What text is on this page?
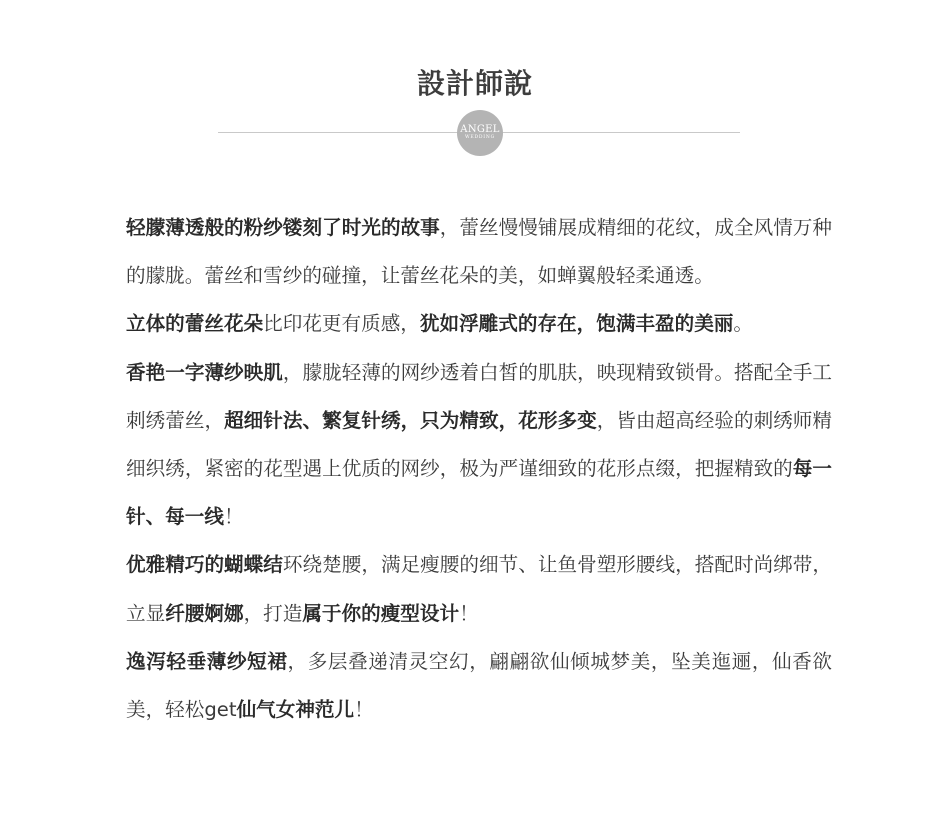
設計師說
ANGEL
WEDDING

轻朦薄透般的粉纱镂刻了时光的故事，蕾丝慢慢铺展成精细的花纹，成全风情万种的朦胧。蕾丝和雪纱的碰撞，让蕾丝花朵的美，如蝉翼般轻柔通透。

立体的蕾丝花朵比印花更有质感，犹如浮雕式的存在，饱满丰盈的美丽。

香艳一字薄纱映肌，朦胧轻薄的网纱透着白皙的肌肤，映现精致锁骨。搭配全手工刺绣蕾丝，超细针法、繁复针绣，只为精致，花形多变，皆由超高经验的刺绣师精细织绣，紧密的花型遇上优质的网纱，极为严谨细致的花形点缀，把握精致的每一针、每一线！

优雅精巧的蝴蝶结环绕楚腰，满足瘦腰的细节、让鱼骨塑形腰线，搭配时尚绑带，立显纤腰婀娜，打造属于你的瘦型设计！

逸泻轻垂薄纱短裙，多层叠递清灵空幻，翩翩欲仙倾城梦美，坠美迤逦，仙香欲美，轻松get仙气女神范儿！
